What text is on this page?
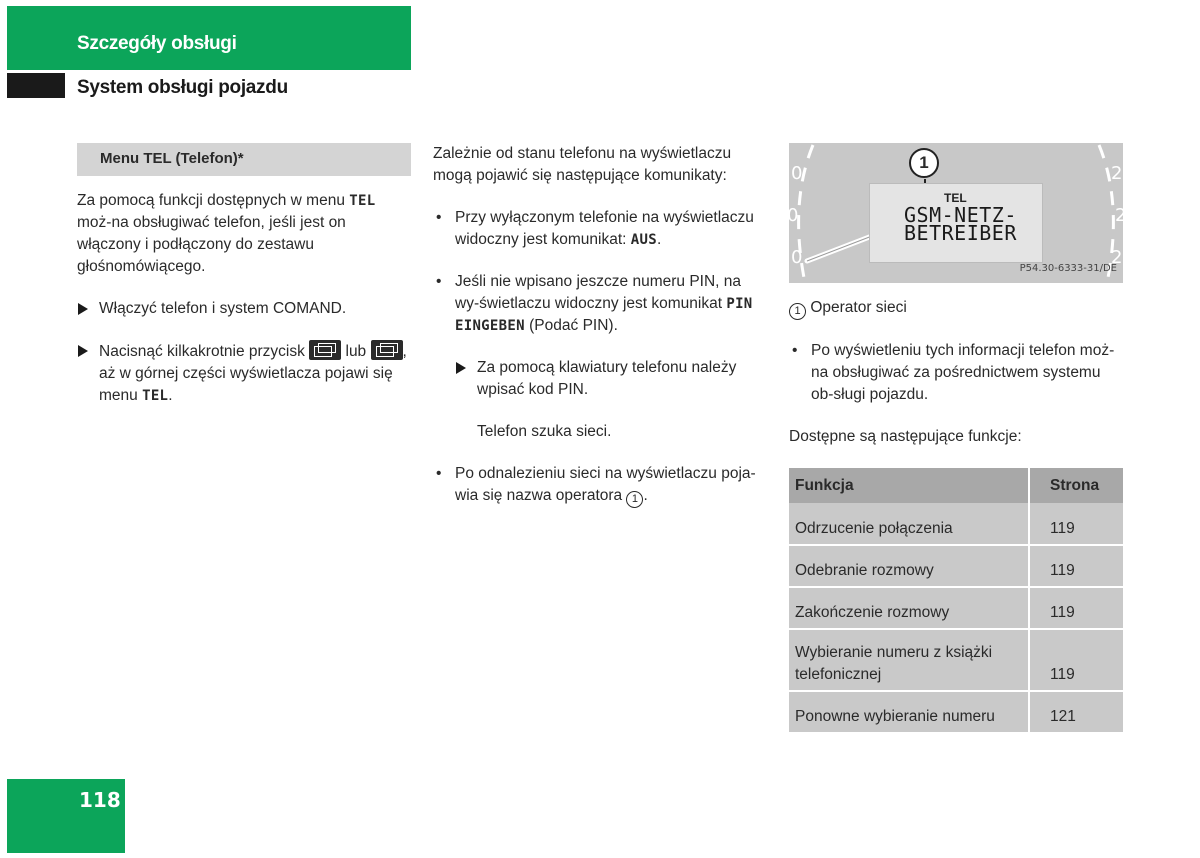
Szczegóły obsługi
System obsługi pojazdu
Menu TEL (Telefon)*

Za pomocą funkcji dostępnych w menu TEL moż-na obsługiwać telefon, jeśli jest on włączony i podłączony do zestawu głośnomówiącego.

Włączyć telefon i system COMAND.
Nacisnąć kilkakrotnie przycisk  lub , aż w górnej części wyświetlacza pojawi się menu TEL.

Zależnie od stanu telefonu na wyświetlaczu mogą pojawić się następujące komunikaty:

• Przy wyłączonym telefonie na wyświetlaczu widoczny jest komunikat: AUS.
• Jeśli nie wpisano jeszcze numeru PIN, na wy-świetlaczu widoczny jest komunikat PIN EINGEBEN (Podać PIN).
Za pomocą klawiatury telefonu należy wpisać kod PIN.

Telefon szuka sieci.

• Po odnalezieniu sieci na wyświetlaczu poja-wia się nazwa operatora 1 .
0
0
0
2
2
2
TEL
GSM-NETZ-
BETREIBER
1
P54.30-6333-31/DE

1 Operator sieci

• Po wyświetleniu tych informacji telefon moż-na obsługiwać za pośrednictwem systemu ob-sługi pojazdu.

Dostępne są następujące funkcje:

Funkcja	Strona
Odrzucenie połączenia	119
Odebranie rozmowy	119
Zakończenie rozmowy	119
Wybieranie numeru z książki telefonicznej	119
Ponowne wybieranie numeru	121
118
